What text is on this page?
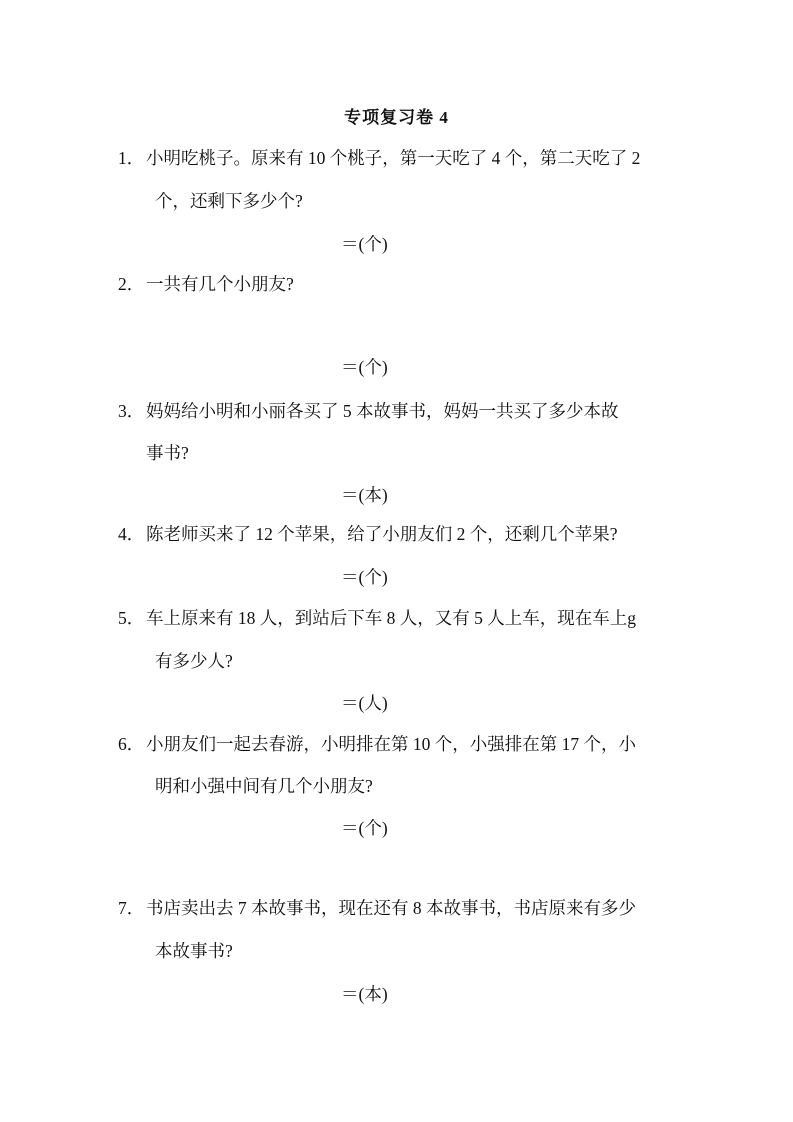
专项复习卷 4
1． 小明吃桃子。原来有 10 个桃子，第一天吃了 4 个，第二天吃了 2
个，还剩下多少个?
＝(个)
2． 一共有几个小朋友?
＝(个)
3． 妈妈给小明和小丽各买了 5 本故事书，妈妈一共买了多少本故
事书?
＝(本)
4． 陈老师买来了 12 个苹果，给了小朋友们 2 个，还剩几个苹果?
＝(个)
5． 车上原来有 18 人，到站后下车 8 人，又有 5 人上车，现在车上g
有多少人?
＝(人)
6． 小朋友们一起去春游，小明排在第 10 个，小强排在第 17 个，小
明和小强中间有几个小朋友?
＝(个)
7． 书店卖出去 7 本故事书，现在还有 8 本故事书，书店原来有多少
本故事书?
＝(本)
